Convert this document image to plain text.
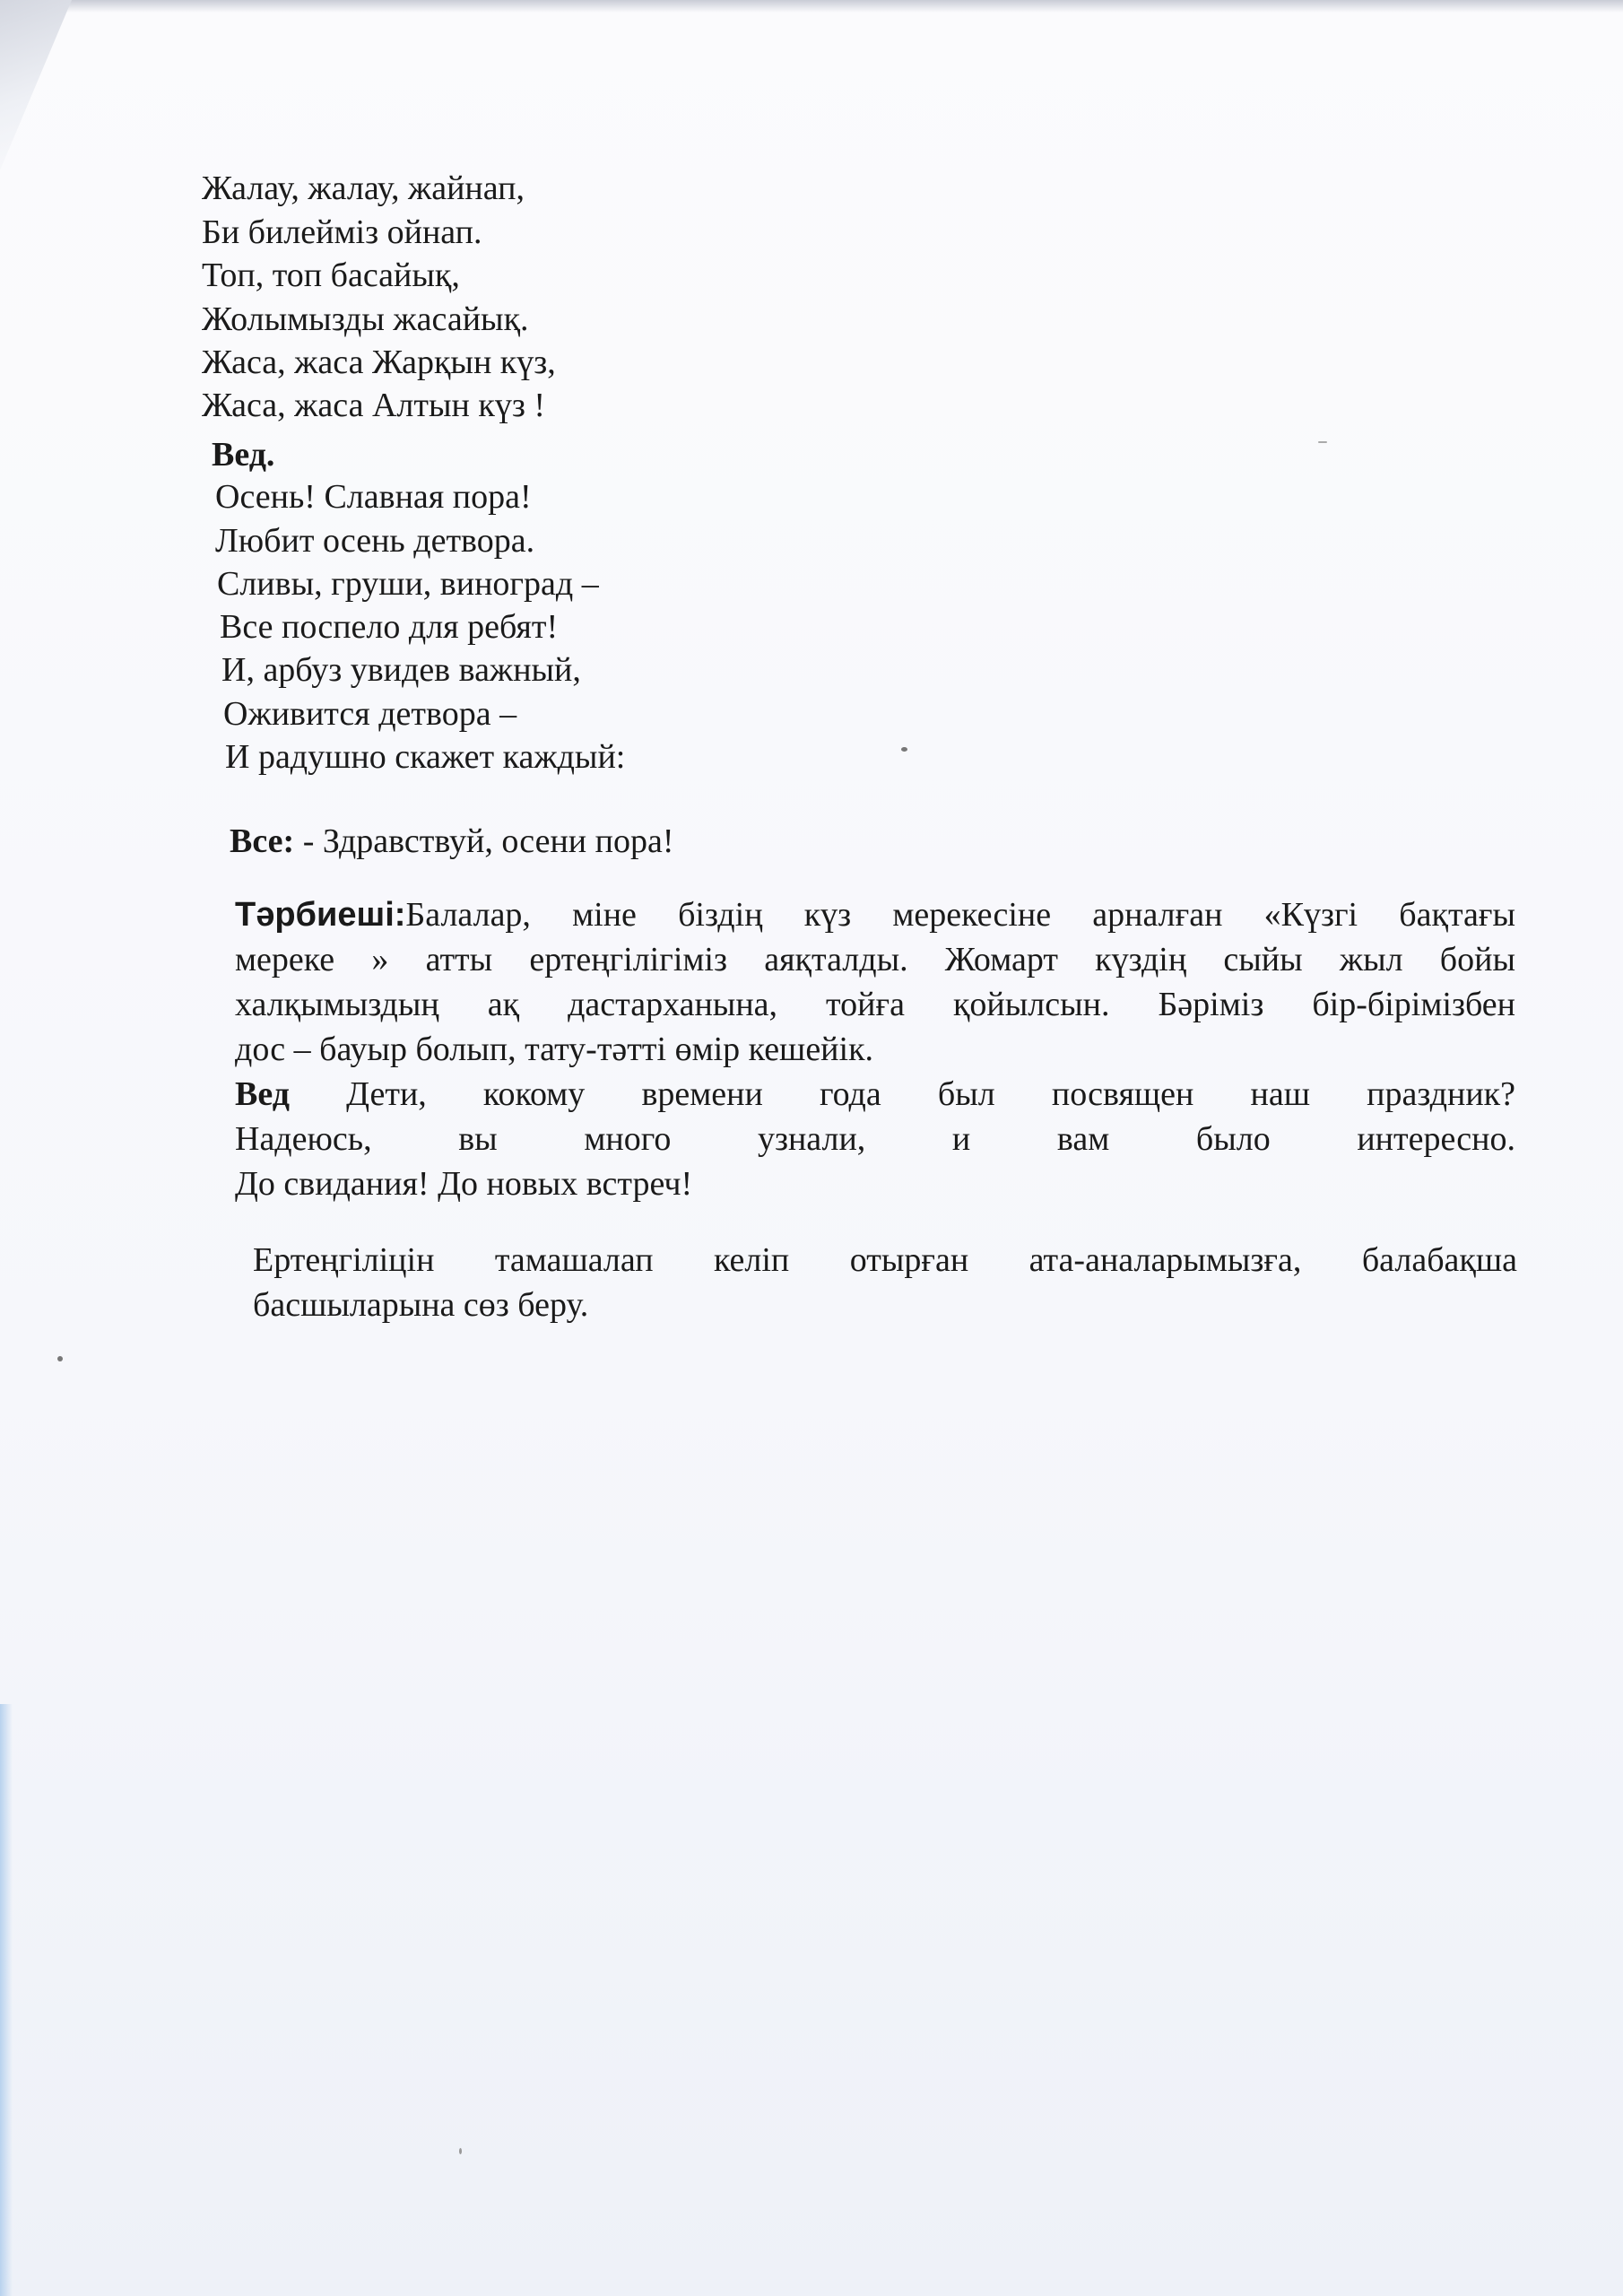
Жалау, жалау, жайнап,
Би билейміз ойнап.
Топ, топ басайық,
Жолымызды жасайық.
Жаса, жаса Жарқын күз,
Жаса, жаса Алтын күз !
Вед.
Осень! Славная пора!
Любит осень детвора.
Сливы, груши, виноград –
Все поспело для ребят!
И, арбуз увидев важный,
Оживится детвора –
И радушно скажет каждый:
Все: - Здравствуй, осени пора!
Тәрбиеші:Балалар, міне біздің күз мерекесіне арналған «Күзгі бақтағы
мереке » атты ертеңгілігіміз аяқталды. Жомарт күздің сыйы жыл бойы
халқымыздың ақ дастарханына, тойға қойылсын. Бәріміз бір-бірімізбен
дос – бауыр болып, тату-тәтті өмір кешейік.
Вед Дети, кокому времени года был посвящен наш праздник?
Надеюсь, вы много узнали, и вам было интересно.
До свидания! До новых встреч!
Ертеңгіліцін тамашалап келіп отырған ата-аналарымызға, балабақша
басшыларына сөз беру.
